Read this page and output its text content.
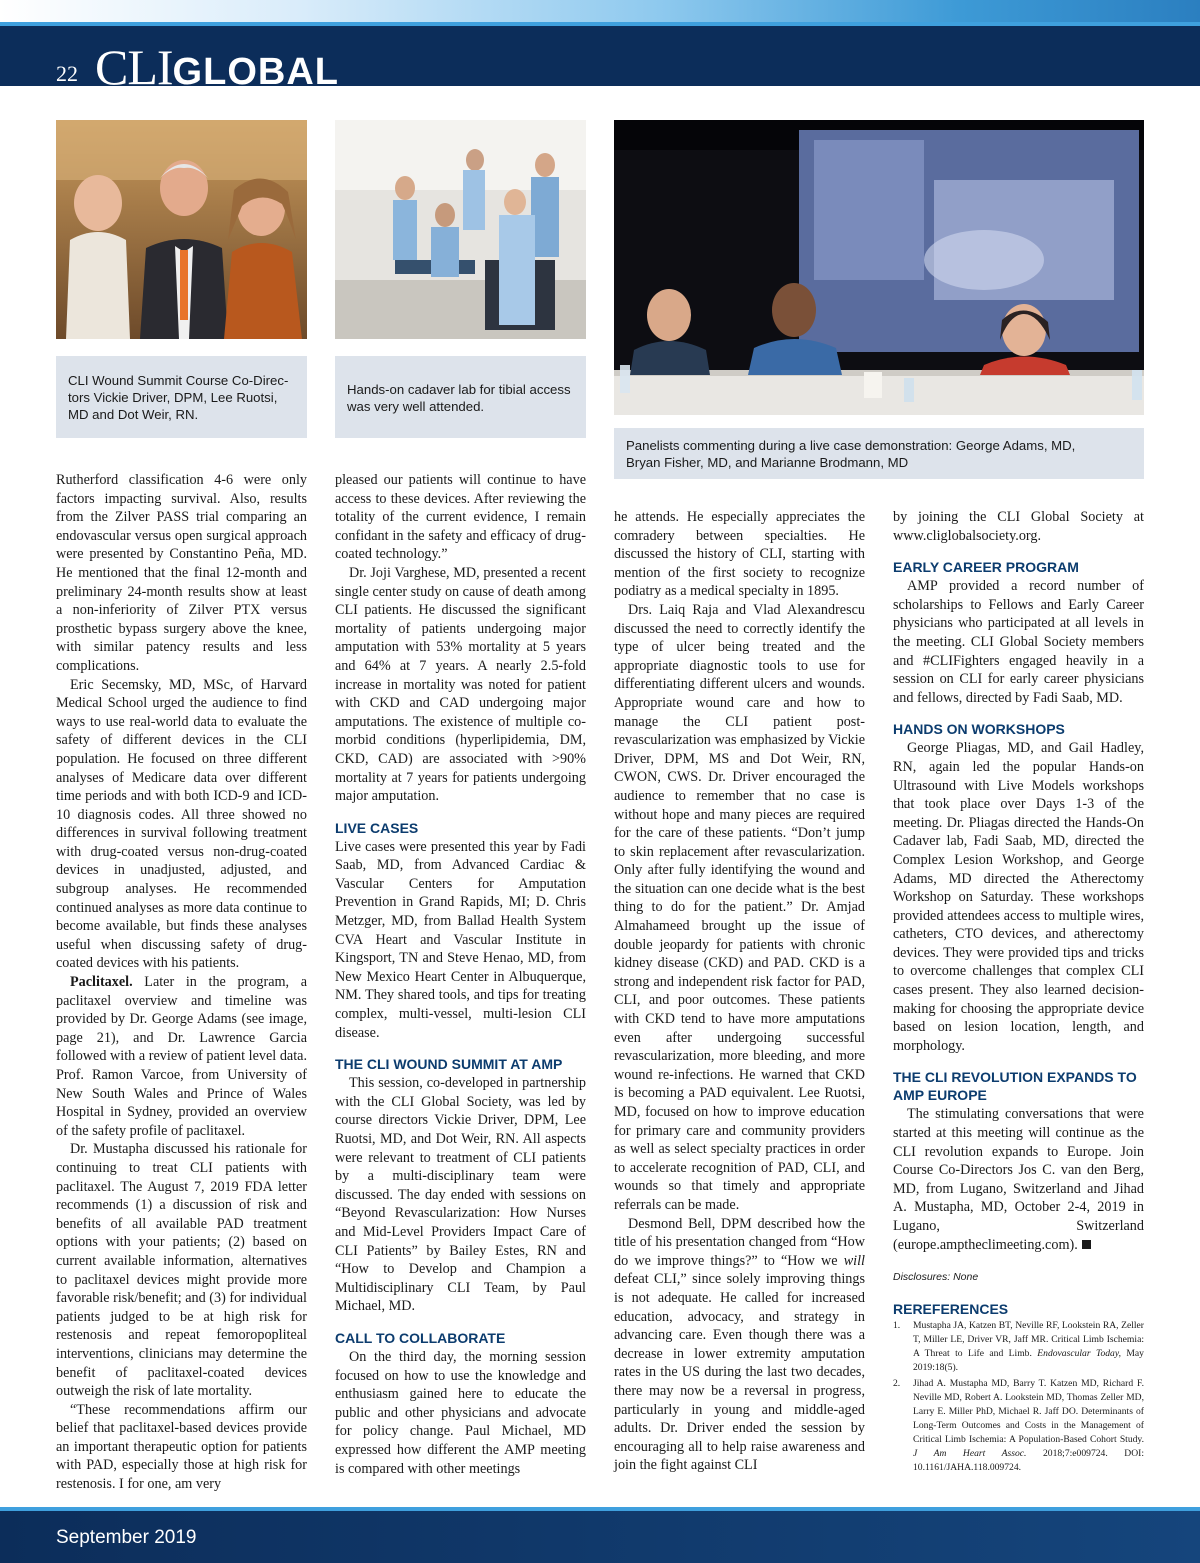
22 CLIGLOBAL
CLI Wound Summit Course Co-Direc-
tors Vickie Driver, DPM, Lee Ruotsi,
MD and Dot Weir, RN.
Hands-on cadaver lab for tibial access
was very well attended.
Panelists commenting during a live case demonstration: George Adams, MD,
Bryan Fisher, MD, and Marianne Brodmann, MD

Rutherford classification 4-6 were only factors impacting survival. Also, results from the Zilver PASS trial comparing an endovascular versus open surgical approach were presented by Constantino Peña, MD. He mentioned that the final 12-month and preliminary 24-month results show at least a non-inferiority of Zilver PTX versus prosthetic bypass surgery above the knee, with similar patency results and less complications.

Eric Secemsky, MD, MSc, of Harvard Medical School urged the audience to find ways to use real-world data to evaluate the safety of different devices in the CLI population. He focused on three different analyses of Medicare data over different time periods and with both ICD-9 and ICD-10 diagnosis codes. All three showed no differences in survival following treatment with drug-coated versus non-drug-coated devices in unadjusted, adjusted, and subgroup analyses. He recommended continued analyses as more data continue to become available, but finds these analyses useful when discussing safety of drug-coated devices with his patients.

Paclitaxel. Later in the program, a paclitaxel overview and timeline was provided by Dr. George Adams (see image, page 21), and Dr. Lawrence Garcia followed with a review of patient level data. Prof. Ramon Varcoe, from University of New South Wales and Prince of Wales Hospital in Sydney, provided an overview of the safety profile of paclitaxel.

Dr. Mustapha discussed his rationale for continuing to treat CLI patients with paclitaxel. The August 7, 2019 FDA letter recommends (1) a discussion of risk and benefits of all available PAD treatment options with your patients; (2) based on current available information, alternatives to paclitaxel devices might provide more favorable risk/benefit; and (3) for individual patients judged to be at high risk for restenosis and repeat femoropopliteal interventions, clinicians may determine the benefit of paclitaxel-coated devices outweigh the risk of late mortality.

“These recommendations affirm our belief that paclitaxel-based devices provide an important therapeutic option for patients with PAD, especially those at high risk for restenosis. I for one, am very

pleased our patients will continue to have access to these devices. After reviewing the totality of the current evidence, I remain confidant in the safety and efficacy of drug-coated technology.”

Dr. Joji Varghese, MD, presented a recent single center study on cause of death among CLI patients. He discussed the significant mortality of patients undergoing major amputation with 53% mortality at 5 years and 64% at 7 years. A nearly 2.5-fold increase in mortality was noted for patient with CKD and CAD undergoing major amputations. The existence of multiple co-morbid conditions (hyperlipidemia, DM, CKD, CAD) are associated with >90% mortality at 7 years for patients undergoing major amputation.

LIVE CASES

Live cases were presented this year by Fadi Saab, MD, from Advanced Cardiac & Vascular Centers for Amputation Prevention in Grand Rapids, MI; D. Chris Metzger, MD, from Ballad Health System CVA Heart and Vascular Institute in Kingsport, TN and Steve Henao, MD, from New Mexico Heart Center in Albuquerque, NM. They shared tools, and tips for treating complex, multi-vessel, multi-lesion CLI disease.

THE CLI WOUND SUMMIT AT AMP

This session, co-developed in partnership with the CLI Global Society, was led by course directors Vickie Driver, DPM, Lee Ruotsi, MD, and Dot Weir, RN. All aspects were relevant to treatment of CLI patients by a multi-disciplinary team were discussed. The day ended with sessions on “Beyond Revascularization: How Nurses and Mid-Level Providers Impact Care of CLI Patients” by Bailey Estes, RN and “How to Develop and Champion a Multidisciplinary CLI Team, by Paul Michael, MD.

CALL TO COLLABORATE

On the third day, the morning session focused on how to use the knowledge and enthusiasm gained here to educate the public and other physicians and advocate for policy change. Paul Michael, MD expressed how different the AMP meeting is compared with other meetings

he attends. He especially appreciates the comradery between specialties. He discussed the history of CLI, starting with mention of the first society to recognize podiatry as a medical specialty in 1895.

Drs. Laiq Raja and Vlad Alexandrescu discussed the need to correctly identify the type of ulcer being treated and the appropriate diagnostic tools to use for differentiating different ulcers and wounds. Appropriate wound care and how to manage the CLI patient post-revascularization was emphasized by Vickie Driver, DPM, MS and Dot Weir, RN, CWON, CWS. Dr. Driver encouraged the audience to remember that no case is without hope and many pieces are required for the care of these patients. “Don’t jump to skin replacement after revascularization. Only after fully identifying the wound and the situation can one decide what is the best thing to do for the patient.” Dr. Amjad Almahameed brought up the issue of double jeopardy for patients with chronic kidney disease (CKD) and PAD. CKD is a strong and independent risk factor for PAD, CLI, and poor outcomes. These patients with CKD tend to have more amputations even after undergoing successful revascularization, more bleeding, and more wound re-infections. He warned that CKD is becoming a PAD equivalent. Lee Ruotsi, MD, focused on how to improve education for primary care and community providers as well as select specialty practices in order to accelerate recognition of PAD, CLI, and wounds so that timely and appropriate referrals can be made.

Desmond Bell, DPM described how the title of his presentation changed from “How do we improve things?” to “How we will defeat CLI,” since solely improving things is not adequate. He called for increased education, advocacy, and strategy in advancing care. Even though there was a decrease in lower extremity amputation rates in the US during the last two decades, there may now be a reversal in progress, particularly in young and middle-aged adults. Dr. Driver ended the session by encouraging all to help raise awareness and join the fight against CLI

by joining the CLI Global Society at www.cliglobalsociety.org.

EARLY CAREER PROGRAM

AMP provided a record number of scholarships to Fellows and Early Career physicians who participated at all levels in the meeting. CLI Global Society members and #CLIFighters engaged heavily in a session on CLI for early career physicians and fellows, directed by Fadi Saab, MD.

HANDS ON WORKSHOPS

George Pliagas, MD, and Gail Hadley, RN, again led the popular Hands-on Ultrasound with Live Models workshops that took place over Days 1-3 of the meeting. Dr. Pliagas directed the Hands-On Cadaver lab, Fadi Saab, MD, directed the Complex Lesion Workshop, and George Adams, MD directed the Atherectomy Workshop on Saturday. These workshops provided attendees access to multiple wires, catheters, CTO devices, and atherectomy devices. They were provided tips and tricks to overcome challenges that complex CLI cases present. They also learned decision-making for choosing the appropriate device based on lesion location, length, and morphology.

THE CLI REVOLUTION EXPANDS TO AMP EUROPE

The stimulating conversations that were started at this meeting will continue as the CLI revolution expands to Europe. Join Course Co-Directors Jos C. van den Berg, MD, from Lugano, Switzerland and Jihad A. Mustapha, MD, October 2-4, 2019 in Lugano, Switzerland (europe.amptheclimeeting.com).

Disclosures: None

REREFERENCES
1. Mustapha JA, Katzen BT, Neville RF, Lookstein RA, Zeller T, Miller LE, Driver VR, Jaff MR. Critical Limb Ischemia: A Threat to Life and Limb. Endovascular Today, May 2019:18(5).
2. Jihad A. Mustapha MD, Barry T. Katzen MD, Richard F. Neville MD, Robert A. Lookstein MD, Thomas Zeller MD, Larry E. Miller PhD, Michael R. Jaff DO. Determinants of Long-Term Outcomes and Costs in the Management of Critical Limb Ischemia: A Population-Based Cohort Study. J Am Heart Assoc. 2018;7:e009724. DOI: 10.1161/JAHA.118.009724.
September 2019
